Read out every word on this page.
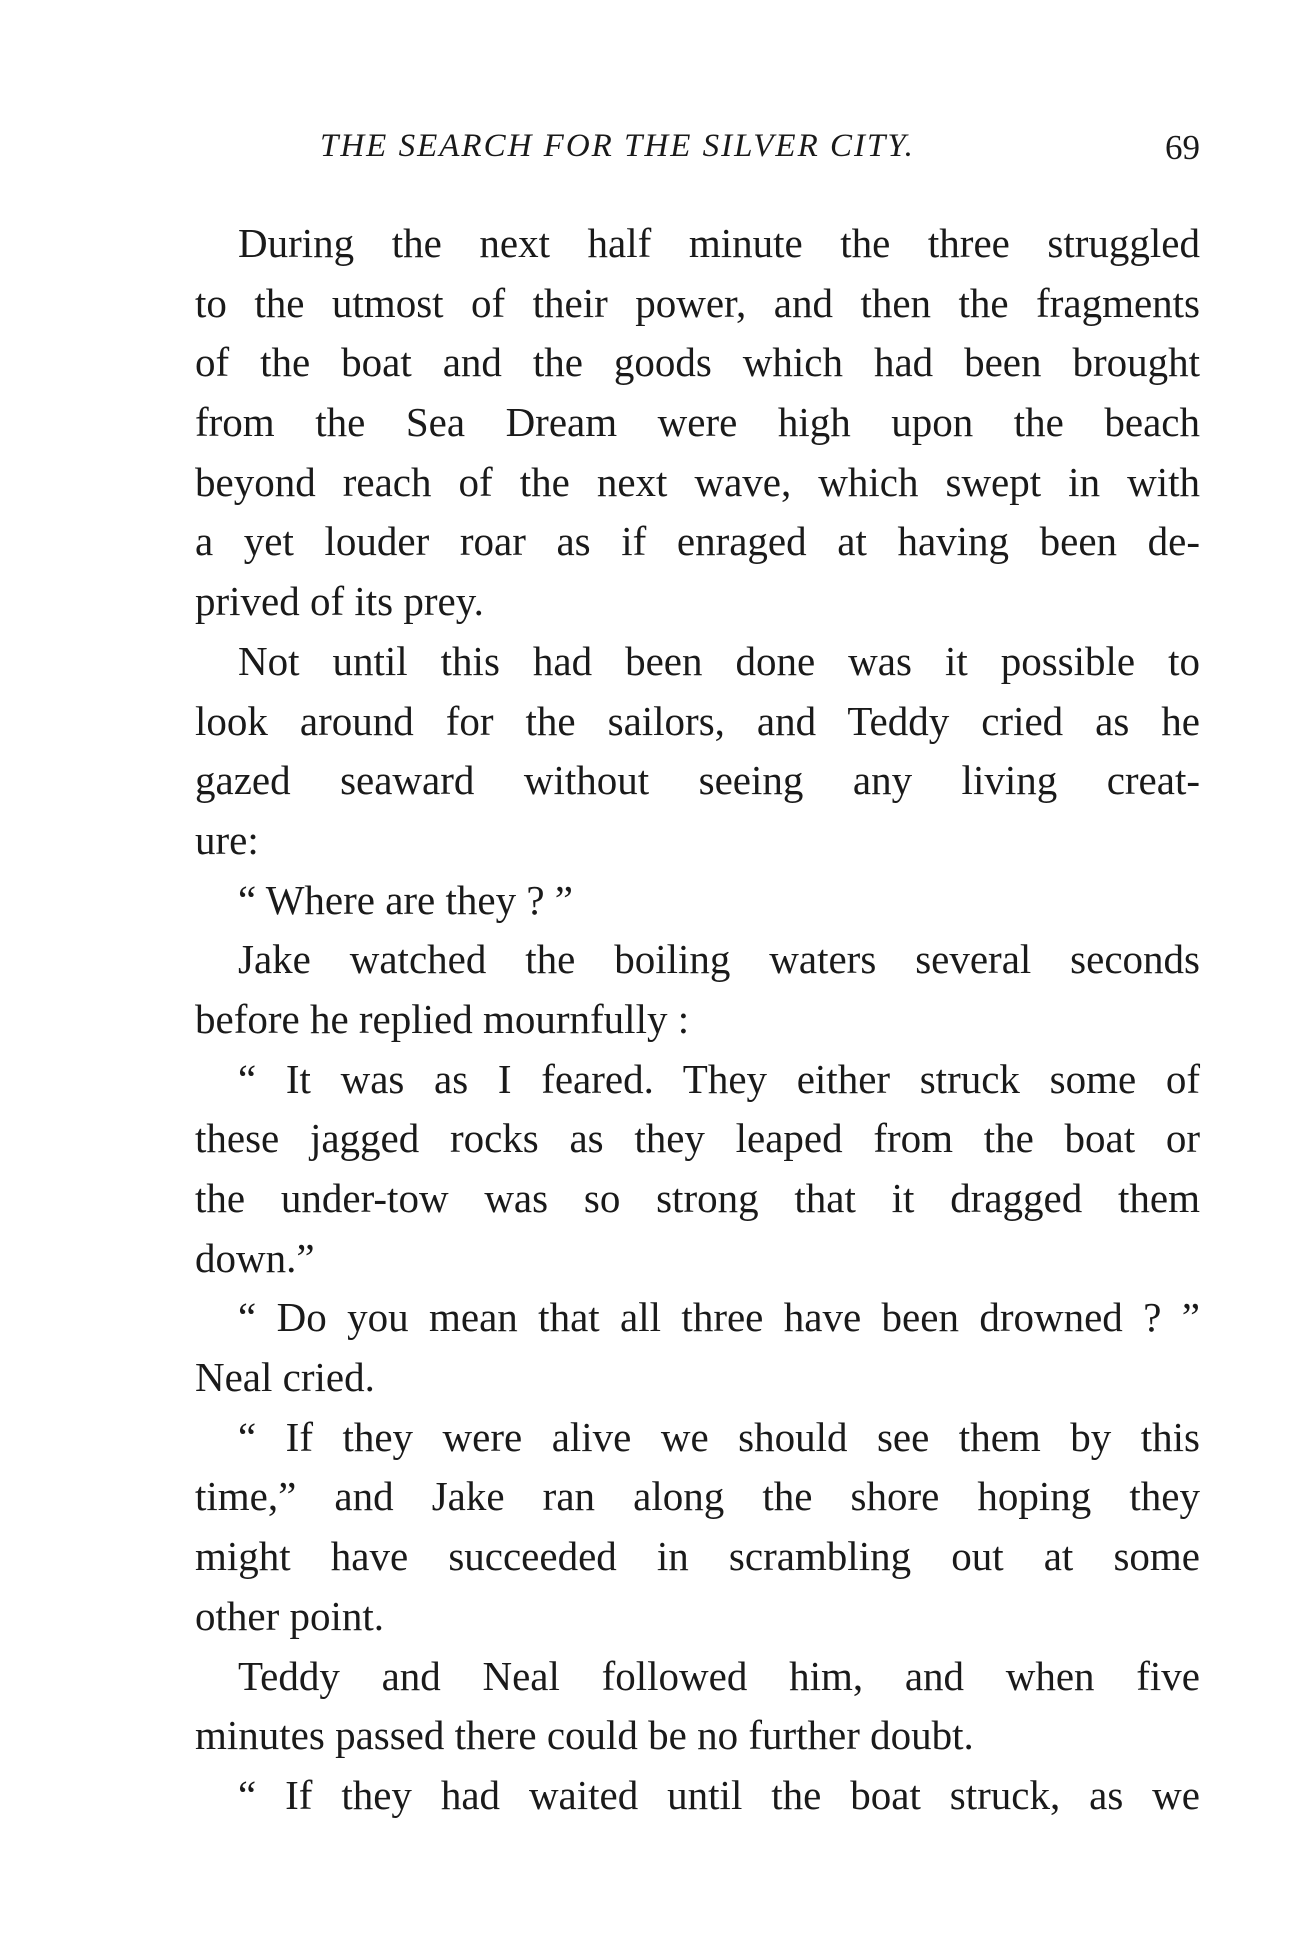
THE SEARCH FOR THE SILVER CITY.	69
During the next half minute the three struggled
to the utmost of their power, and then the fragments
of the boat and the goods which had been brought
from the Sea Dream were high upon the beach
beyond reach of the next wave, which swept in with
a yet louder roar as if enraged at having been de-
prived of its prey.
Not until this had been done was it possible to
look around for the sailors, and Teddy cried as he
gazed seaward without seeing any living creat-
ure:
“ Where are they ? ”
Jake watched the boiling waters several seconds
before he replied mournfully :
“ It was as I feared. They either struck some of
these jagged rocks as they leaped from the boat or
the under-tow was so strong that it dragged them
down.”
“ Do you mean that all three have been drowned ? ”
Neal cried.
“ If they were alive we should see them by this
time,” and Jake ran along the shore hoping they
might have succeeded in scrambling out at some
other point.
Teddy and Neal followed him, and when five
minutes passed there could be no further doubt.
“ If they had waited until the boat struck, as we
